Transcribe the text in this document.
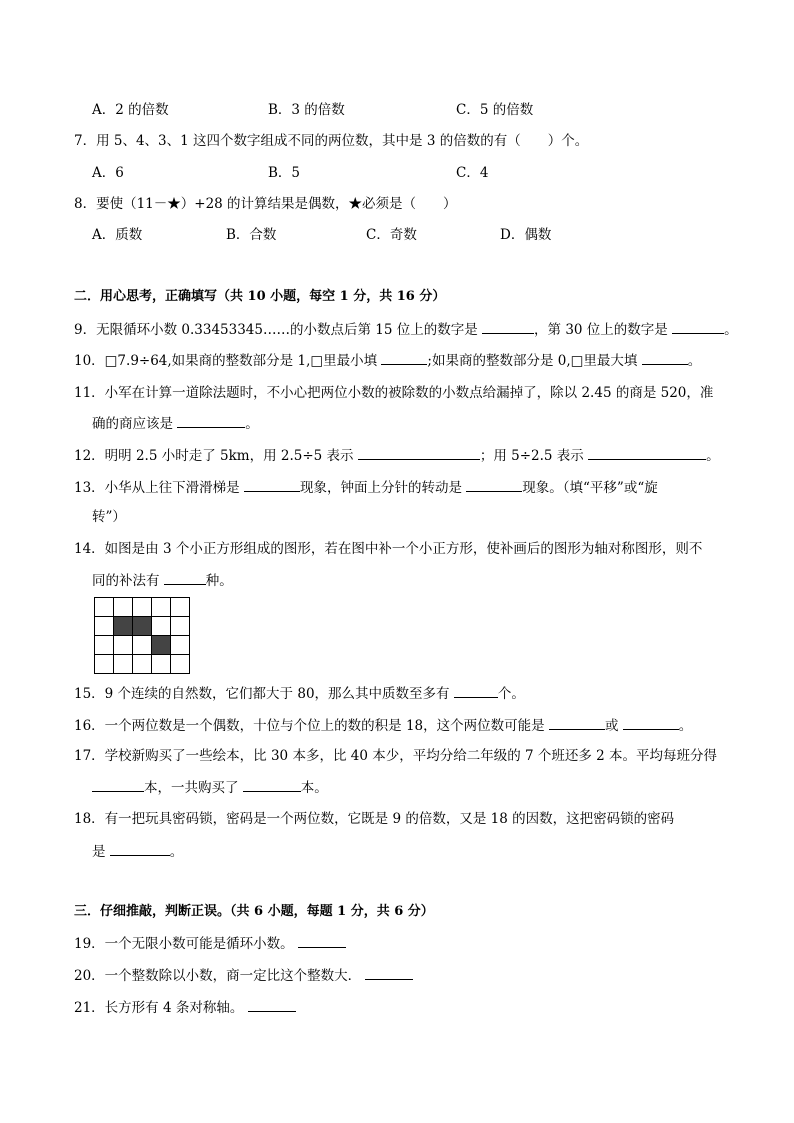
A．2 的倍数	B．3 的倍数	C．5 的倍数
7．用 5、4、3、1 这四个数字组成不同的两位数，其中是 3 的倍数的有（　　）个。
A．6	B．5	C．4
8．要使（11－★）+28 的计算结果是偶数，★必须是（　　）
A．质数	B．合数	C．奇数	D．偶数
二．用心思考，正确填写（共 10 小题，每空 1 分，共 16 分）
9．无限循环小数 0.33453345……的小数点后第 15 位上的数字是	，第 30 位上的数字是	。
10．□7.9÷64,如果商的整数部分是 1,□里最小填	;如果商的整数部分是 0,□里最大填	。
11．小军在计算一道除法题时，不小心把两位小数的被除数的小数点给漏掉了，除以 2.45 的商是 520，准
确的商应该是	。
12．明明 2.5 小时走了 5km，用 2.5÷5 表示	；用 5÷2.5 表示	。
13．小华从上往下滑滑梯是	现象，钟面上分针的转动是	现象。（填“平移”或“旋
转”）
14．如图是由 3 个小正方形组成的图形，若在图中补一个小正方形，使补画后的图形为轴对称图形，则不
同的补法有	种。

15．9 个连续的自然数，它们都大于 80，那么其中质数至多有	个。
16．一个两位数是一个偶数，十位与个位上的数的积是 18，这个两位数可能是	或	。
17．学校新购买了一些绘本，比 30 本多，比 40 本少，平均分给二年级的 7 个班还多 2 本。平均每班分得
本，一共购买了	本。
18．有一把玩具密码锁，密码是一个两位数，它既是 9 的倍数，又是 18 的因数，这把密码锁的密码
是	。
三．仔细推敲，判断正误。（共 6 小题，每题 1 分，共 6 分）
19．一个无限小数可能是循环小数。
20．一个整数除以小数，商一定比这个整数大．
21．长方形有 4 条对称轴。
